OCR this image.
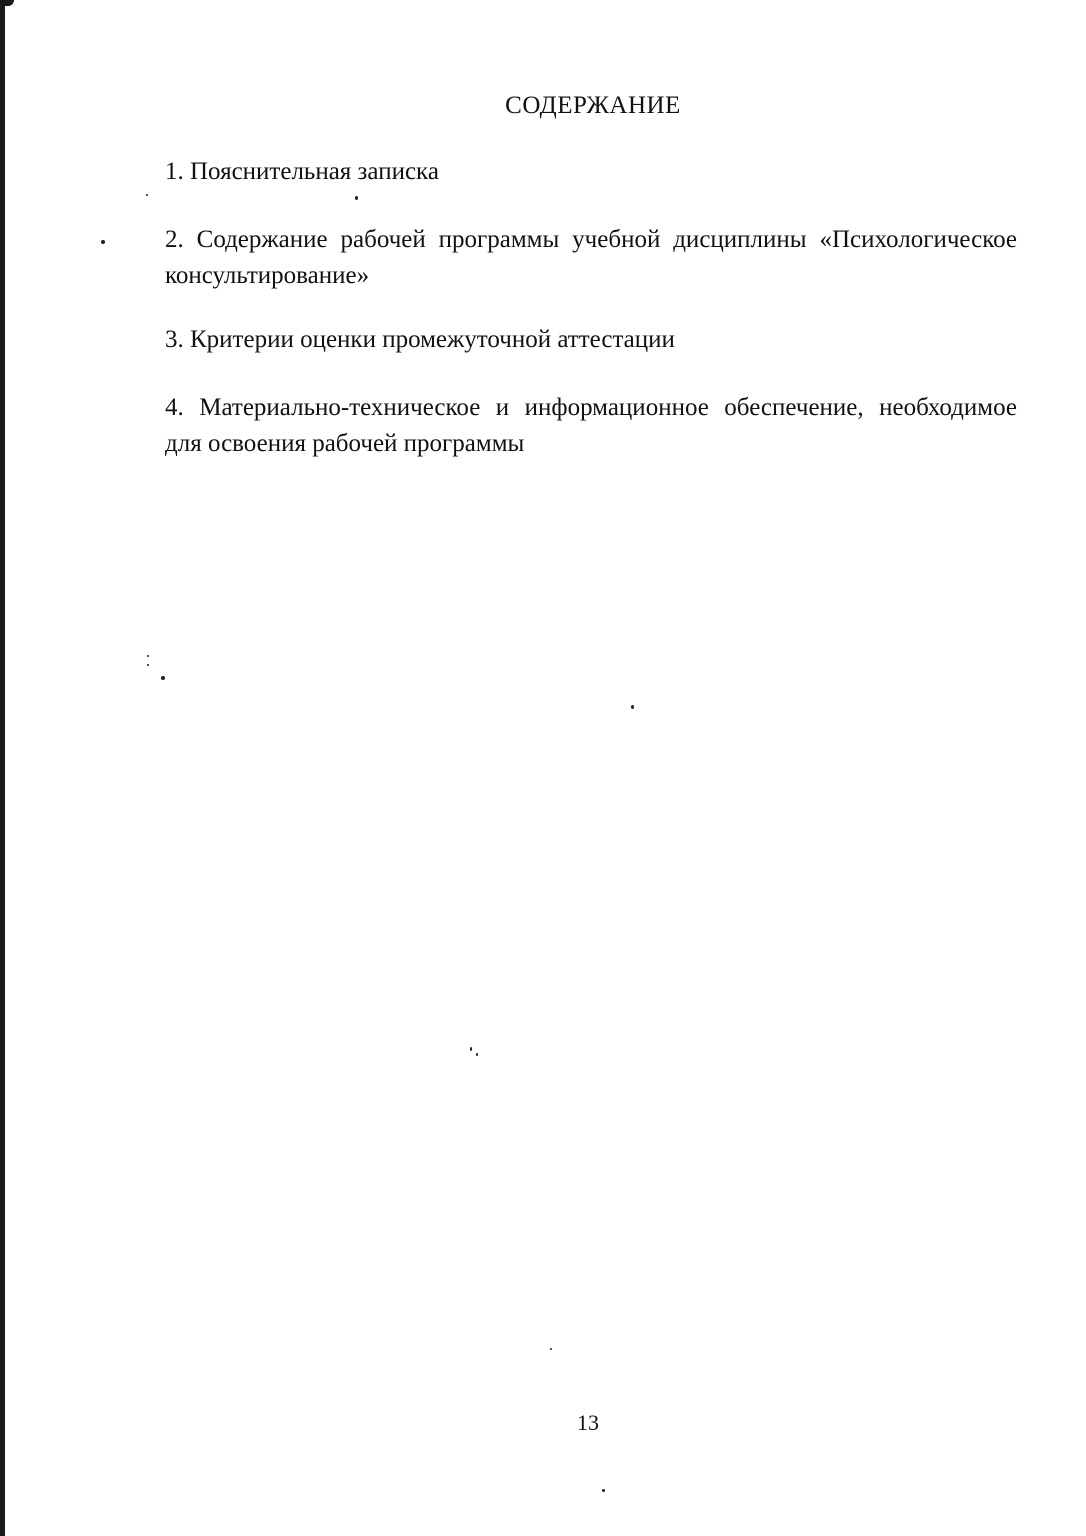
СОДЕРЖАНИЕ
1. Пояснительная записка
2. Содержание рабочей программы учебной дисциплины «Психологическое
консультирование»
3. Критерии оценки промежуточной аттестации
4. Материально-техническое и информационное обеспечение, необходимое
для освоения рабочей программы
13
